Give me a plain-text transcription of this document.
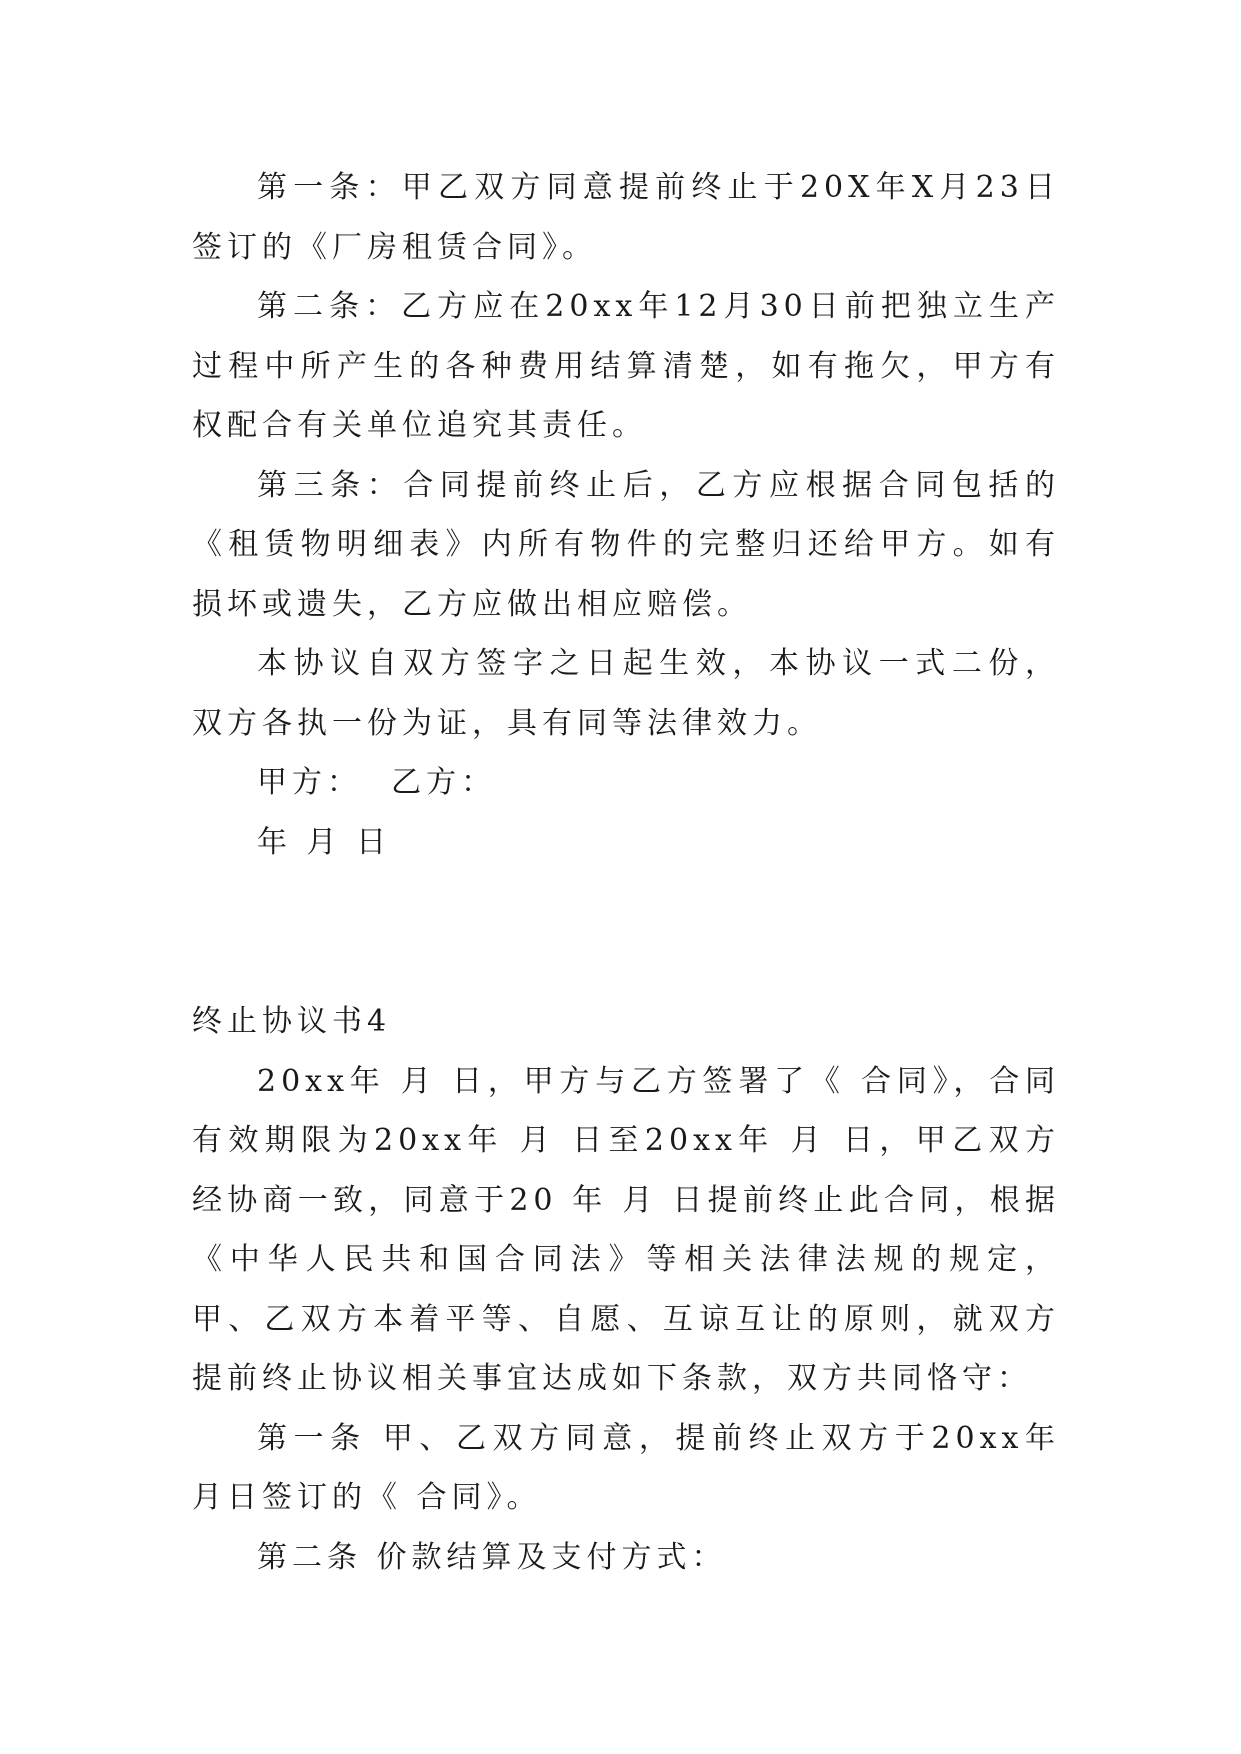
第一条：甲乙双方同意提前终止于20X年X月23日签订的《厂房租赁合同》。

第二条：乙方应在20xx年12月30日前把独立生产过程中所产生的各种费用结算清楚，如有拖欠，甲方有权配合有关单位追究其责任。

第三条：合同提前终止后，乙方应根据合同包括的《租赁物明细表》内所有物件的完整归还给甲方。如有损坏或遗失，乙方应做出相应赔偿。

本协议自双方签字之日起生效，本协议一式二份，双方各执一份为证，具有同等法律效力。

甲方：  乙方：

年 月 日

终止协议书4

20xx年 月 日，甲方与乙方签署了《 合同》，合同有效期限为20xx年 月 日至20xx年 月 日，甲乙双方经协商一致，同意于20 年 月 日提前终止此合同，根据《中华人民共和国合同法》等相关法律法规的规定，甲、乙双方本着平等、自愿、互谅互让的原则，就双方提前终止协议相关事宜达成如下条款，双方共同恪守：

第一条 甲、乙双方同意，提前终止双方于20xx年 月日签订的《 合同》。

第二条 价款结算及支付方式：
